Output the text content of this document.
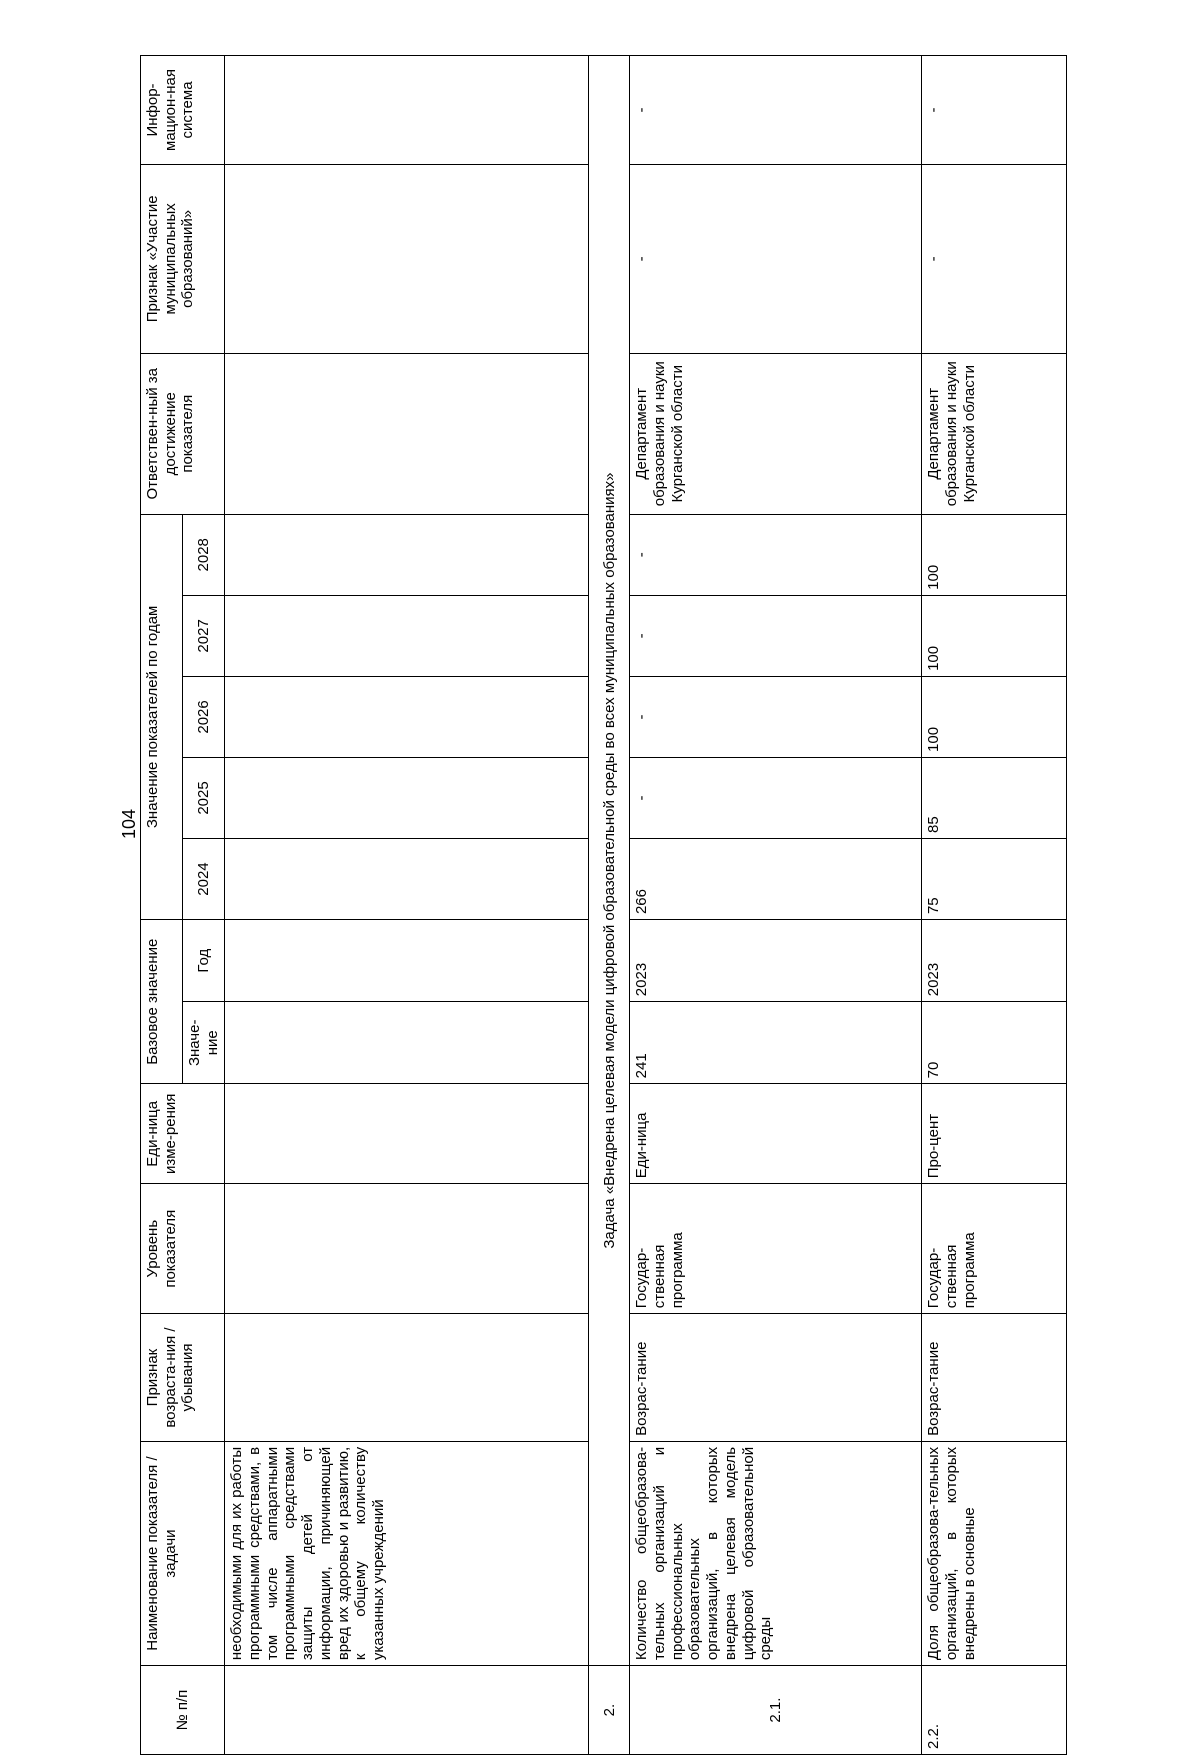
104
№ п/п	Наименование показателя / задачи	Признак возраста-ния / убывания	Уровень показателя	Еди-ница изме-рения	Базовое значение		Значение показателей по годам					Ответствен-ный за достижение показателя	Признак «Участие муниципальных образований»	Инфор-мацион-ная система
					Значе-ние	Год	2024	2025	2026	2027	2028			
	необходимыми для их работы программными средствами, в том числе аппаратными программными средствами защиты детей от информации, причиняющей вред их здоровью и развитию, к общему количеству указанных учреждений													
2.	Задача «Внедрена целевая модели цифровой образовательной среды во всех муниципальных образованиях»													
2.1.	Количество общеобразова-тельных организаций и профессиональных образовательных организаций, в которых внедрена целевая модель цифровой образовательной среды	Возрас-тание	Государ-ственная программа	Еди-ница	241	2023	266	-	-	-	-	Департамент образования и науки Курганской области	-	-
2.2.	Доля общеобразова-тельных организаций, в которых внедрены в основные	Возрас-тание	Государ-ственная программа	Про-цент	70	2023	75	85	100	100	100	Департамент образования и науки Курганской области	-	-
